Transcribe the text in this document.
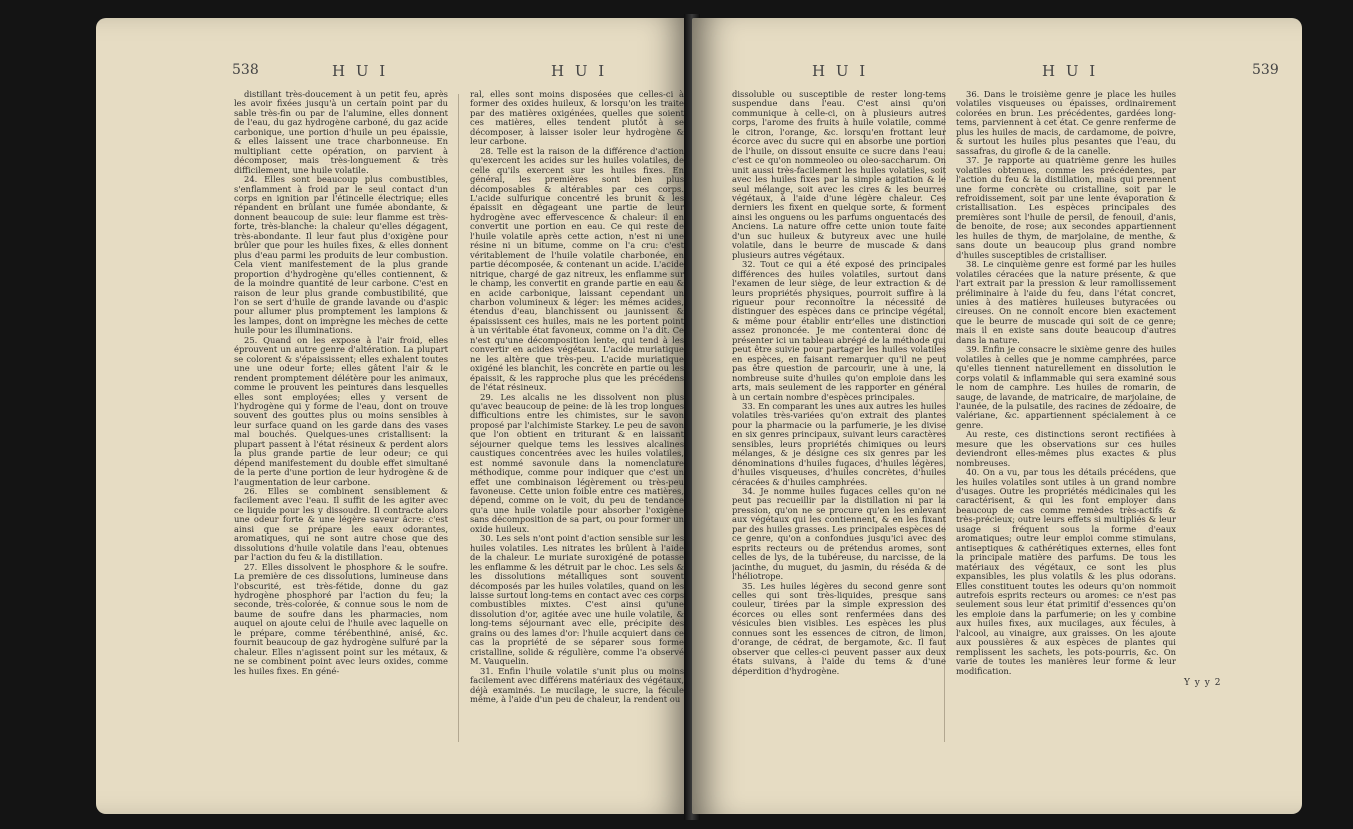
538	H U I	H U I

distillant très-doucement à un petit feu, après les avoir fixées jusqu'à un certain point par du sable très-fin ou par de l'alumine, elles donnent de l'eau, du gaz hydrogène carboné, du gaz acide carbonique, une portion d'huile un peu épaissie, & elles laissent une trace charbonneuse. En multipliant cette opération, on parvient à décomposer, mais très-longuement & très difficilement, une huile volatile.

24. Elles sont beaucoup plus combustibles, s'enflamment à froid par le seul contact d'un corps en ignition par l'étincelle électrique; elles répandent en brûlant une fumée abondante, & donnent beaucoup de suie: leur flamme est très-forte, très-blanche: la chaleur qu'elles dégagent, très-abondante. Il leur faut plus d'oxigène pour brûler que pour les huiles fixes, & elles donnent plus d'eau parmi les produits de leur combustion. Cela vient manifestement de la plus grande proportion d'hydrogène qu'elles contiennent, & de la moindre quantité de leur carbone. C'est en raison de leur plus grande combustibilité, que l'on se sert d'huile de grande lavande ou d'aspic pour allumer plus promptement les lampions & les lampes, dont on imprègne les mèches de cette huile pour les illuminations.

25. Quand on les expose à l'air froid, elles éprouvent un autre genre d'altération. La plupart se colorent & s'épaississent; elles exhalent toutes une une odeur forte; elles gâtent l'air & le rendent promptement délétère pour les animaux, comme le prouvent les peintures dans lesquelles elles sont employées; elles y versent de l'hydrogène qui y forme de l'eau, dont on trouve souvent des gouttes plus ou moins sensibles à leur surface quand on les garde dans des vases mal bouchés. Quelques-unes cristallisent: la plupart passent à l'état résineux & perdent alors la plus grande partie de leur odeur; ce qui dépend manifestement du double effet simultané de la perte d'une portion de leur hydrogène & de l'augmentation de leur carbone.

26. Elles se combinent sensiblement & facilement avec l'eau. Il suffit de les agiter avec ce liquide pour les y dissoudre. Il contracte alors une odeur forte & une légère saveur âcre: c'est ainsi que se prépare les eaux odorantes, aromatiques, qui ne sont autre chose que des dissolutions d'huile volatile dans l'eau, obtenues par l'action du feu & la distillation.

27. Elles dissolvent le phosphore & le soufre. La première de ces dissolutions, lumineuse dans l'obscurité, est très-fétide, donne du gaz hydrogène phosphoré par l'action du feu; la seconde, très-colorée, & connue sous le nom de baume de soufre dans les pharmacies, nom auquel on ajoute celui de l'huile avec laquelle on le prépare, comme térébenthiné, anisé, &c. fournit beaucoup de gaz hydrogène sulfuré par la chaleur. Elles n'agissent point sur les métaux, & ne se combinent point avec leurs oxides, comme les huiles fixes. En géné-

ral, elles sont moins disposées que celles-ci à former des oxides huileux, & lorsqu'on les traite par des matières oxigénées, quelles que soient ces matières, elles tendent plutôt à se décomposer, à laisser isoler leur hydrogène & leur carbone.

28. Telle est la raison de la différence d'action qu'exercent les acides sur les huiles volatiles, de celle qu'ils exercent sur les huiles fixes. En général, les premières sont bien plus décomposables & altérables par ces corps. L'acide sulfurique concentré les brunit & les épaissit en dégageant une partie de leur hydrogène avec effervescence & chaleur: il en convertit une portion en eau. Ce qui reste de l'huile volatile après cette action, n'est ni une résine ni un bitume, comme on l'a cru: c'est véritablement de l'huile volatile charbonée, en partie décomposée, & contenant un acide. L'acide nitrique, chargé de gaz nitreux, les enflamme sur le champ, les convertit en grande partie en eau & en acide carbonique, laissant cependant un charbon volumineux & léger: les mêmes acides, étendus d'eau, blanchissent ou jaunissent & épaississent ces huiles, mais ne les portent point à un véritable état favoneux, comme on l'a dit. Ce n'est qu'une décomposition lente, qui tend à les convertir en acides végétaux. L'acide muriatique ne les altère que très-peu. L'acide muriatique oxigéné les blanchit, les concrète en partie ou les épaissit, & les rapproche plus que les précédens de l'état résineux.

29. Les alcalis ne les dissolvent non plus qu'avec beaucoup de peine: de là les trop longues difficultions entre les chimistes, sur le savon proposé par l'alchimiste Starkey. Le peu de savon que l'on obtient en triturant & en laissant séjourner quelque tems les lessives alcalines caustiques concentrées avec les huiles volatiles, est nommé savonule dans la nomenclature méthodique, comme pour indiquer que c'est un effet une combinaison légèrement ou très-peu favoneuse. Cette union foible entre ces matières, dépend, comme on le voit, du peu de tendance qu'a une huile volatile pour absorber l'oxigène sans décomposition de sa part, ou pour former un oxide huileux.

30. Les sels n'ont point d'action sensible sur les huiles volatiles. Les nitrates les brûlent à l'aide de la chaleur. Le muriate suroxigéné de potasse les enflamme & les détruit par le choc. Les sels & les dissolutions métalliques sont souvent décomposés par les huiles volatiles, quand on les laisse surtout long-tems en contact avec ces corps combustibles mixtes. C'est ainsi qu'une dissolution d'or, agitée avec une huile volatile, & long-tems séjournant avec elle, précipite des grains ou des lames d'or: l'huile acquiert dans ce cas la propriété de se séparer sous forme cristalline, solide & régulière, comme l'a observé M. Vauquelin.

31. Enfin l'huile volatile s'unit plus ou moins facilement avec différens matériaux des végétaux, déjà examinés. Le mucilage, le sucre, la fécule même, à l'aide d'un peu de chaleur, la rendent ou

H U I	H U I	539

dissoluble ou susceptible de rester long-tems suspendue dans l'eau. C'est ainsi qu'on communique à celle-ci, on à plusieurs autres corps, l'arome des fruits à huile volatile, comme le citron, l'orange, &c. lorsqu'en frottant leur écorce avec du sucre qui en absorbe une portion de l'huile, on dissout ensuite ce sucre dans l'eau: c'est ce qu'on nommeoleo ou oleo-saccharum. On unit aussi très-facilement les huiles volatiles, soit avec les huiles fixes par la simple agitation & le seul mélange, soit avec les cires & les beurres végétaux, à l'aide d'une légère chaleur. Ces derniers les fixent en quelque sorte, & forment ainsi les onguens ou les parfums onguentacés des Anciens. La nature offre cette union toute faite d'un suc huileux & butyreux avec une huile volatile, dans le beurre de muscade & dans plusieurs autres végétaux.

32. Tout ce qui a été exposé des principales différences des huiles volatiles, surtout dans l'examen de leur siège, de leur extraction & de leurs propriétés physiques, pourroit suffire à la rigueur pour reconnoître la nécessité de distinguer des espèces dans ce principe végétal, & même pour établir entr'elles une distinction assez prononcée. Je me contenterai donc de présenter ici un tableau abrégé de la méthode qui peut être suivie pour partager les huiles volatiles en espèces, en faisant remarquer qu'il ne peut pas être question de parcourir, une à une, la nombreuse suite d'huiles qu'on emploie dans les arts, mais seulement de les rapporter en général à un certain nombre d'espèces principales.

33. En comparant les unes aux autres les huiles volatiles très-variées qu'on extrait des plantes pour la pharmacie ou la parfumerie, je les divise en six genres principaux, suivant leurs caractères sensibles, leurs propriétés chimiques ou leurs mélanges, & je désigne ces six genres par les dénominations d'huiles fugaces, d'huiles légères, d'huiles visqueuses, d'huiles concrètes, d'huiles céracées & d'huiles camphrées.

34. Je nomme huiles fugaces celles qu'on ne peut pas recueillir par la distillation ni par la pression, qu'on ne se procure qu'en les enlevant aux végétaux qui les contiennent, & en les fixant par des huiles grasses. Les principales espèces de ce genre, qu'on a confondues jusqu'ici avec des esprits recteurs ou de prétendus aromes, sont celles de lys, de la tubéreuse, du narcisse, de la jacinthe, du muguet, du jasmin, du réséda & de l'héliotrope.

35. Les huiles légères du second genre sont celles qui sont très-liquides, presque sans couleur, tirées par la simple expression des écorces ou elles sont renfermées dans des vésicules bien visibles. Les espèces les plus connues sont les essences de citron, de limon, d'orange, de cédrat, de bergamote, &c. Il faut observer que celles-ci peuvent passer aux deux états suivans, à l'aide du tems & d'une déperdition d'hydrogène.

36. Dans le troisième genre je place les huiles volatiles visqueuses ou épaisses, ordinairement colorées en brun. Les précédentes, gardées long-tems, parviennent à cet état. Ce genre renferme de plus les huiles de macis, de cardamome, de poivre, & surtout les huiles plus pesantes que l'eau, du sassafras, du girofle & de la canelle.

37. Je rapporte au quatrième genre les huiles volatiles obtenues, comme les précédentes, par l'action du feu & la distillation, mais qui prennent une forme concrète ou cristalline, soit par le refroidissement, soit par une lente évaporation & cristallisation. Les espèces principales des premières sont l'huile de persil, de fenouil, d'anis, de benoite, de rose; aux secondes appartiennent les huiles de thym, de marjolaine, de menthe, & sans doute un beaucoup plus grand nombre d'huiles susceptibles de cristalliser.

38. Le cinquième genre est formé par les huiles volatiles céracées que la nature présente, & que l'art extrait par la pression & leur ramollissement préliminaire à l'aide du feu, dans l'état concret, unies à des matières huileuses butyracées ou cireuses. On ne connoît encore bien exactement que le beurre de muscade qui soit de ce genre; mais il en existe sans doute beaucoup d'autres dans la nature.

39. Enfin je consacre le sixième genre des huiles volatiles à celles que je nomme camphrées, parce qu'elles tiennent naturellement en dissolution le corps volatil & inflammable qui sera examiné sous le nom de camphre. Les huiles de romarin, de sauge, de lavande, de matricaire, de marjolaine, de l'aunée, de la pulsatile, des racines de zédoaire, de valériane, &c. appartiennent spécialement à ce genre.

Au reste, ces distinctions seront rectifiées à mesure que les observations sur ces huiles deviendront elles-mêmes plus exactes & plus nombreuses.

40. On a vu, par tous les détails précédens, que les huiles volatiles sont utiles à un grand nombre d'usages. Outre les propriétés médicinales qui les caractérisent, & qui les font employer dans beaucoup de cas comme remèdes très-actifs & très-précieux; outre leurs effets si multipliés & leur usage si fréquent sous la forme d'eaux aromatiques; outre leur emploi comme stimulans, antiseptiques & cathérétiques externes, elles font la principale matière des parfums. De tous les matériaux des végétaux, ce sont les plus expansibles, les plus volatils & les plus odorans. Elles constituent toutes les odeurs qu'on nommoit autrefois esprits recteurs ou aromes: ce n'est pas seulement sous leur état primitif d'essences qu'on les emploie dans la parfumerie; on les y combine aux huiles fixes, aux mucilages, aux fécules, à l'alcool, au vinaigre, aux graisses. On les ajoute aux poussières & aux espèces de plantes qui remplissent les sachets, les pots-pourris, &c. On varie de toutes les manières leur forme & leur modification.

Y y y 2
